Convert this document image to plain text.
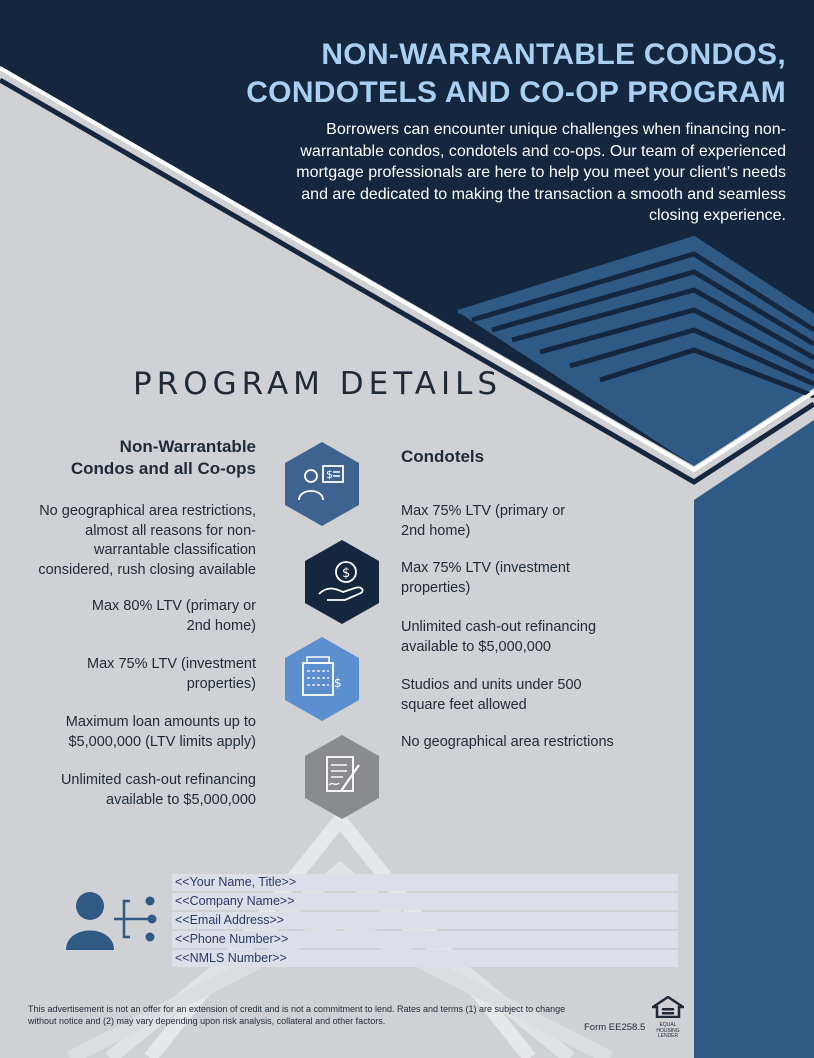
NON-WARRANTABLE CONDOS,
CONDOTELS AND CO-OP PROGRAM
Borrowers can encounter unique challenges when financing non-warrantable condos, condotels and co-ops. Our team of experienced mortgage professionals are here to help you meet your client’s needs and are dedicated to making the transaction a smooth and seamless closing experience.
PROGRAM DETAILS
Non-Warrantable
Condos and all Co-ops
No geographical area restrictions, almost all reasons for non-warrantable classification considered, rush closing available
Max 80% LTV (primary or 2nd home)
Max 75% LTV (investment properties)
Maximum loan amounts up to $5,000,000 (LTV limits apply)
Unlimited cash-out refinancing available to $5,000,000
Condotels
Max 75% LTV (primary or 2nd home)
Max 75% LTV (investment properties)
Unlimited cash-out refinancing available to $5,000,000
Studios and units under 500 square feet allowed
No geographical area restrictions
$
$
$
<<Your Name, Title>>
<<Company Name>>
<<Email Address>>
<<Phone Number>>
<<NMLS Number>>
This advertisement is not an offer for an extension of credit and is not a commitment to lend. Rates and terms (1) are subject to change without notice and (2) may vary depending upon risk analysis, collateral and other factors.
Form EE258.5	EQUAL HOUSING LENDER
